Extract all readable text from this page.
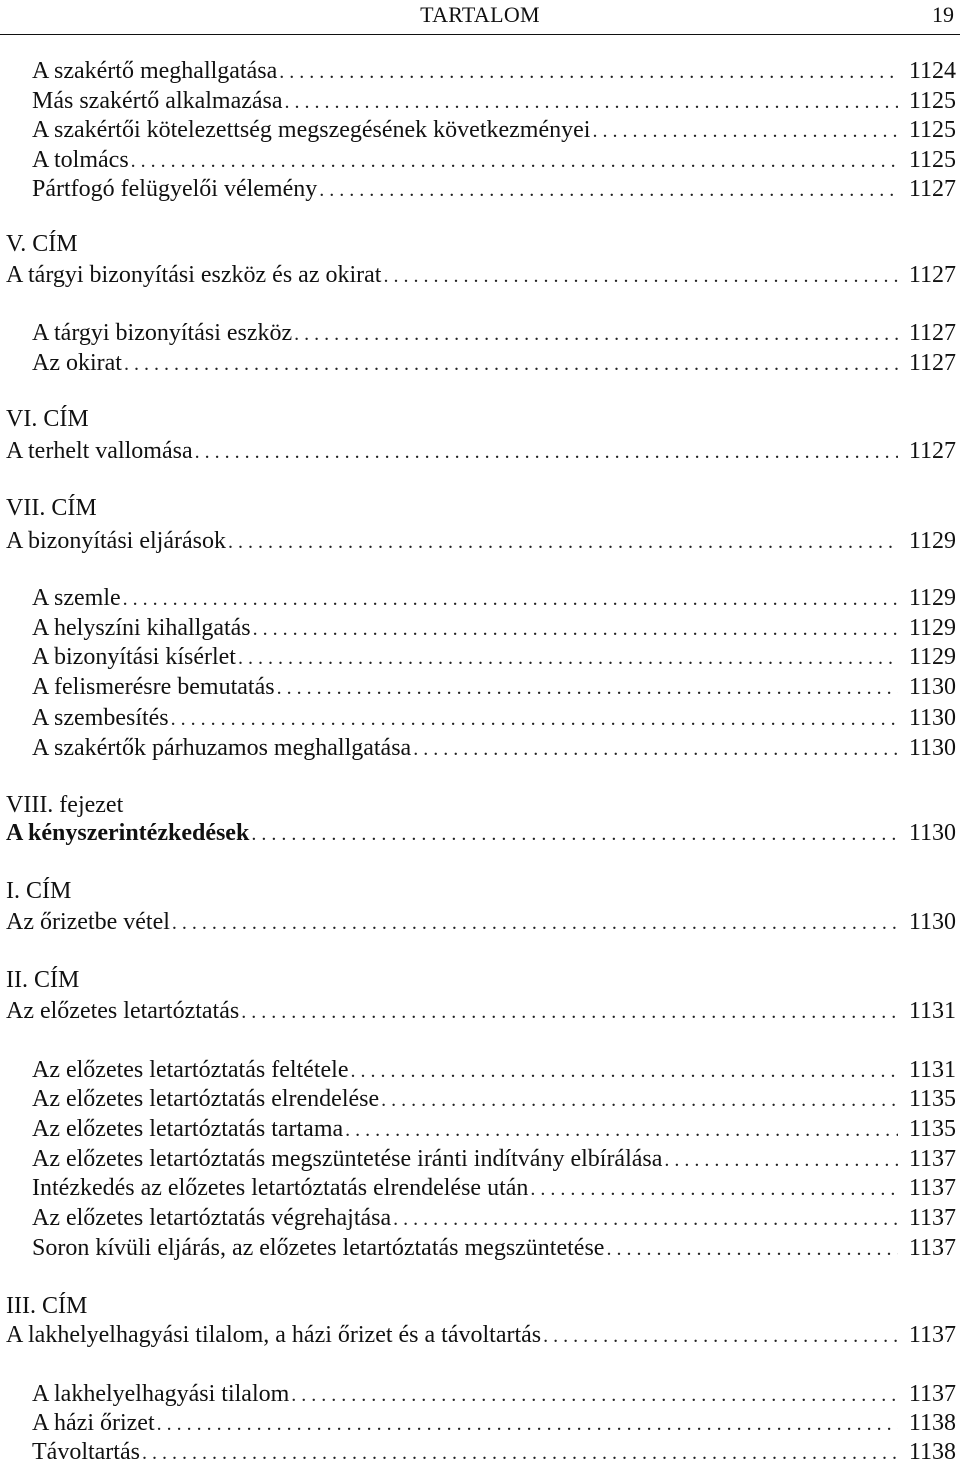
TARTALOM	19
A szakértő meghallgatása . . .	1124
Más szakértő alkalmazása . . .	1125
A szakértői kötelezettség megszegésének következményei . . .	1125
A tolmács . . .	1125
Pártfogó felügyelői vélemény . . .	1127
V. CÍM
A tárgyi bizonyítási eszköz és az okirat . . .	1127
A tárgyi bizonyítási eszköz . . .	1127
Az okirat . . .	1127
VI. CÍM
A terhelt vallomása . . .	1127
VII. CÍM
A bizonyítási eljárások . . .	1129
A szemle . . .	1129
A helyszíni kihallgatás . . .	1129
A bizonyítási kísérlet . . .	1129
A felismerésre bemutatás . . .	1130
A szembesítés . . .	1130
A szakértők párhuzamos meghallgatása . . .	1130
VIII. fejezet
A kényszerintézkedések . . .	1130
I. CÍM
Az őrizetbe vétel . . .	1130
II. CÍM
Az előzetes letartóztatás . . .	1131
Az előzetes letartóztatás feltétele . . .	1131
Az előzetes letartóztatás elrendelése . . .	1135
Az előzetes letartóztatás tartama . . .	1135
Az előzetes letartóztatás megszüntetése iránti indítvány elbírálása . . .	1137
Intézkedés az előzetes letartóztatás elrendelése után . . .	1137
Az előzetes letartóztatás végrehajtása . . .	1137
Soron kívüli eljárás, az előzetes letartóztatás megszüntetése . . .	1137
III. CÍM
A lakhelyelhagyási tilalom, a házi őrizet és a távoltartás . . .	1137
A lakhelyelhagyási tilalom . . .	1137
A házi őrizet . . .	1138
Távoltartás . . .	1138
